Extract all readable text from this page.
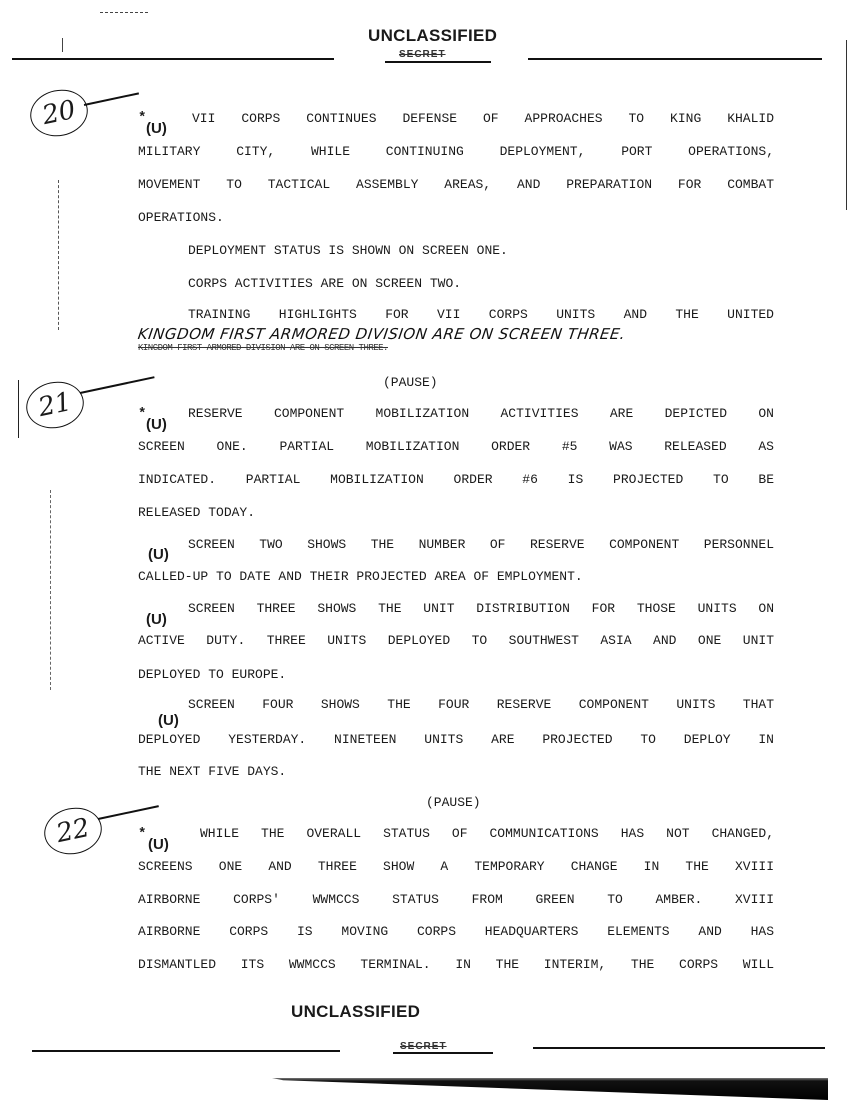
UNCLASSIFIED
SECRET
20	*
(U)
VII CORPS CONTINUES DEFENSE OF APPROACHES TO KING KHALID
MILITARY CITY, WHILE CONTINUING DEPLOYMENT, PORT OPERATIONS,
MOVEMENT TO TACTICAL ASSEMBLY AREAS, AND PREPARATION FOR COMBAT
OPERATIONS.
DEPLOYMENT STATUS IS SHOWN ON SCREEN ONE.
CORPS ACTIVITIES ARE ON SCREEN TWO.
TRAINING HIGHLIGHTS FOR VII CORPS UNITS AND THE UNITED
KINGDOM FIRST ARMORED DIVISION ARE ON SCREEN THREE.
KINGDOM FIRST ARMORED DIVISION ARE ON SCREEN THREE.
(PAUSE)
21	*
(U)
RESERVE COMPONENT MOBILIZATION ACTIVITIES ARE DEPICTED ON
SCREEN ONE. PARTIAL MOBILIZATION ORDER #5 WAS RELEASED AS
INDICATED. PARTIAL MOBILIZATION ORDER #6 IS PROJECTED TO BE
RELEASED TODAY.
(U)
SCREEN TWO SHOWS THE NUMBER OF RESERVE COMPONENT PERSONNEL
CALLED-UP TO DATE AND THEIR PROJECTED AREA OF EMPLOYMENT.
(U)
SCREEN THREE SHOWS THE UNIT DISTRIBUTION FOR THOSE UNITS ON
ACTIVE DUTY. THREE UNITS DEPLOYED TO SOUTHWEST ASIA AND ONE UNIT
DEPLOYED TO EUROPE.
(U)
SCREEN FOUR SHOWS THE FOUR RESERVE COMPONENT UNITS THAT
DEPLOYED YESTERDAY. NINETEEN UNITS ARE PROJECTED TO DEPLOY IN
THE NEXT FIVE DAYS.
(PAUSE)
22	*
(U)
WHILE THE OVERALL STATUS OF COMMUNICATIONS HAS NOT CHANGED,
SCREENS ONE AND THREE SHOW A TEMPORARY CHANGE IN THE XVIII
AIRBORNE CORPS' WWMCCS STATUS FROM GREEN TO AMBER. XVIII
AIRBORNE CORPS IS MOVING CORPS HEADQUARTERS ELEMENTS AND HAS
DISMANTLED ITS WWMCCS TERMINAL. IN THE INTERIM, THE CORPS WILL
UNCLASSIFIED
SECRET
